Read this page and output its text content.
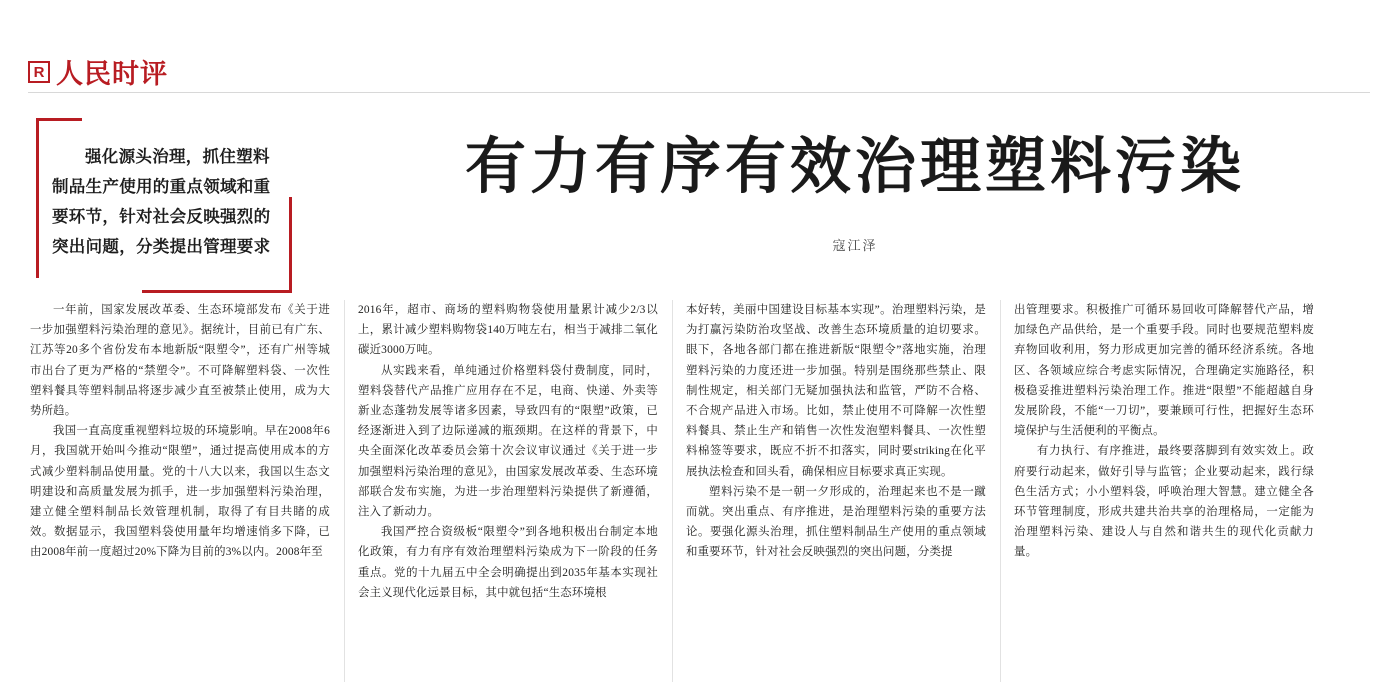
R 人民时评
强化源头治理，抓住塑料制品生产使用的重点领域和重要环节，针对社会反映强烈的突出问题，分类提出管理要求
有力有序有效治理塑料污染
寇江泽

一年前，国家发展改革委、生态环境部发布《关于进一步加强塑料污染治理的意见》。据统计，目前已有广东、江苏等20多个省份发布本地新版“限塑令”，还有广州等城市出台了更为严格的“禁塑令”。不可降解塑料袋、一次性塑料餐具等塑料制品将逐步减少直至被禁止使用，成为大势所趋。

我国一直高度重视塑料垃圾的环境影响。早在2008年6月，我国就开始叫今推动“限塑”，通过提高使用成本的方式减少塑料制品使用量。党的十八大以来，我国以生态文明建设和高质量发展为抓手，进一步加强塑料污染治理，建立健全塑料制品长效管理机制，取得了有目共睹的成效。数据显示，我国塑料袋使用量年均增速悄多下降，已由2008年前一度超过20%下降为目前的3%以内。2008年至

2016年，超市、商场的塑料购物袋使用量累计减少2/3以上，累计减少塑料购物袋140万吨左右，相当于减排二氧化碳近3000万吨。

从实践来看，单纯通过价格塑料袋付费制度，同时，塑料袋替代产品推广应用存在不足，电商、快递、外卖等新业态蓬勃发展等诸多因素，导致四有的“限塑”政策，已经逐渐进入到了边际递减的瓶颈期。在这样的背景下，中央全面深化改革委员会第十次会议审议通过《关于进一步加强塑料污染治理的意见》，由国家发展改革委、生态环境部联合发布实施，为进一步治理塑料污染提供了新遵循，注入了新动力。

我国严控合资级板“限塑令”到各地积极出台制定本地化政策，有力有序有效治理塑料污染成为下一阶段的任务重点。党的十九届五中全会明确提出到2035年基本实现社会主义现代化远景目标，其中就包括“生态环境根

本好转，美丽中国建设目标基本实现”。治理塑料污染，是为打赢污染防治攻坚战、改善生态环境质量的迫切要求。眼下，各地各部门都在推进新版“限塑令”落地实施，治理塑料污染的力度还进一步加强。特别是围绕那些禁止、限制性规定，相关部门无疑加强执法和监管，严防不合格、不合规产品进入市场。比如，禁止使用不可降解一次性塑料餐具、禁止生产和销售一次性发泡塑料餐具、一次性塑料棉签等要求，既应不折不扣落实，同时要striking在化平展执法检查和回头看，确保相应目标要求真正实现。

塑料污染不是一朝一夕形成的，治理起来也不是一蹴而就。突出重点、有序推进，是治理塑料污染的重要方法论。要强化源头治理，抓住塑料制品生产使用的重点领域和重要环节，针对社会反映强烈的突出问题，分类提

出管理要求。积极推广可循环易回收可降解替代产品，增加绿色产品供给，是一个重要手段。同时也要规范塑料废弃物回收利用，努力形成更加完善的循环经济系统。各地区、各领域应综合考虑实际情况，合理确定实施路径，积极稳妥推进塑料污染治理工作。推进“限塑”不能超越自身发展阶段，不能“一刀切”，要兼顾可行性，把握好生态环境保护与生活便利的平衡点。

有力执行、有序推进，最终要落脚到有效实效上。政府要行动起来，做好引导与监管；企业要动起来，践行绿色生活方式；小小塑料袋，呼唤治理大智慧。建立健全各环节管理制度，形成共建共治共享的治理格局，一定能为治理塑料污染、建设人与自然和谐共生的现代化贡献力量。
